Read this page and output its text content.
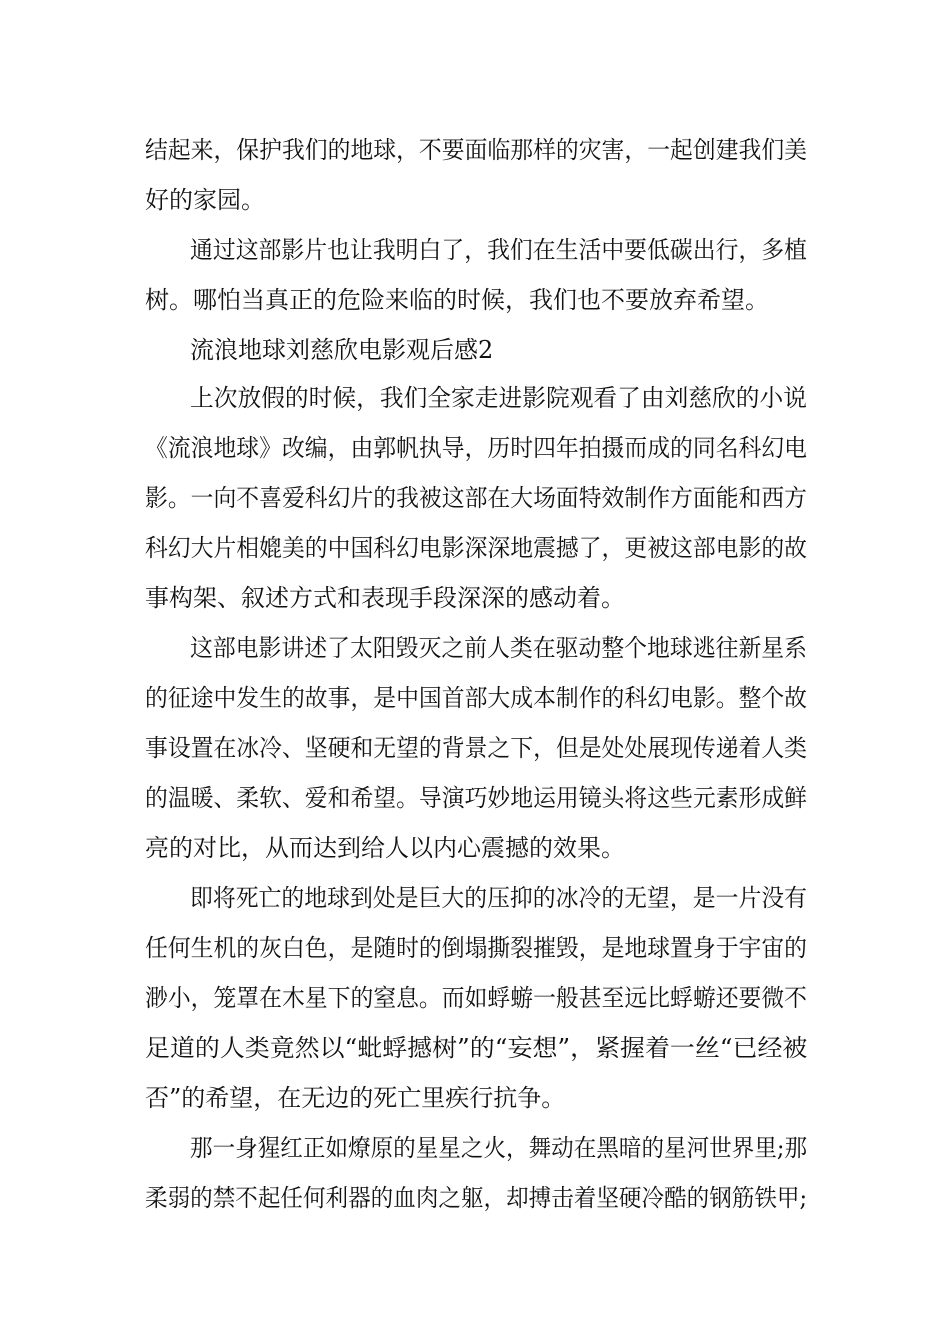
结起来，保护我们的地球，不要面临那样的灾害，一起创建我们美
好的家园。
通过这部影片也让我明白了，我们在生活中要低碳出行，多植
树。哪怕当真正的危险来临的时候，我们也不要放弃希望。
流浪地球刘慈欣电影观后感2
上次放假的时候，我们全家走进影院观看了由刘慈欣的小说
《流浪地球》改编，由郭帆执导，历时四年拍摄而成的同名科幻电
影。一向不喜爱科幻片的我被这部在大场面特效制作方面能和西方
科幻大片相媲美的中国科幻电影深深地震撼了，更被这部电影的故
事构架、叙述方式和表现手段深深的感动着。
这部电影讲述了太阳毁灭之前人类在驱动整个地球逃往新星系
的征途中发生的故事，是中国首部大成本制作的科幻电影。整个故
事设置在冰冷、坚硬和无望的背景之下，但是处处展现传递着人类
的温暖、柔软、爱和希望。导演巧妙地运用镜头将这些元素形成鲜
亮的对比，从而达到给人以内心震撼的效果。
即将死亡的地球到处是巨大的压抑的冰冷的无望，是一片没有
任何生机的灰白色，是随时的倒塌撕裂摧毁，是地球置身于宇宙的
渺小，笼罩在木星下的窒息。而如蜉蝣一般甚至远比蜉蝣还要微不
足道的人类竟然以“蚍蜉撼树”的“妄想”，紧握着一丝“已经被
否”的希望，在无边的死亡里疾行抗争。
那一身猩红正如燎原的星星之火，舞动在黑暗的星河世界里;那
柔弱的禁不起任何利器的血肉之躯，却搏击着坚硬冷酷的钢筋铁甲;
